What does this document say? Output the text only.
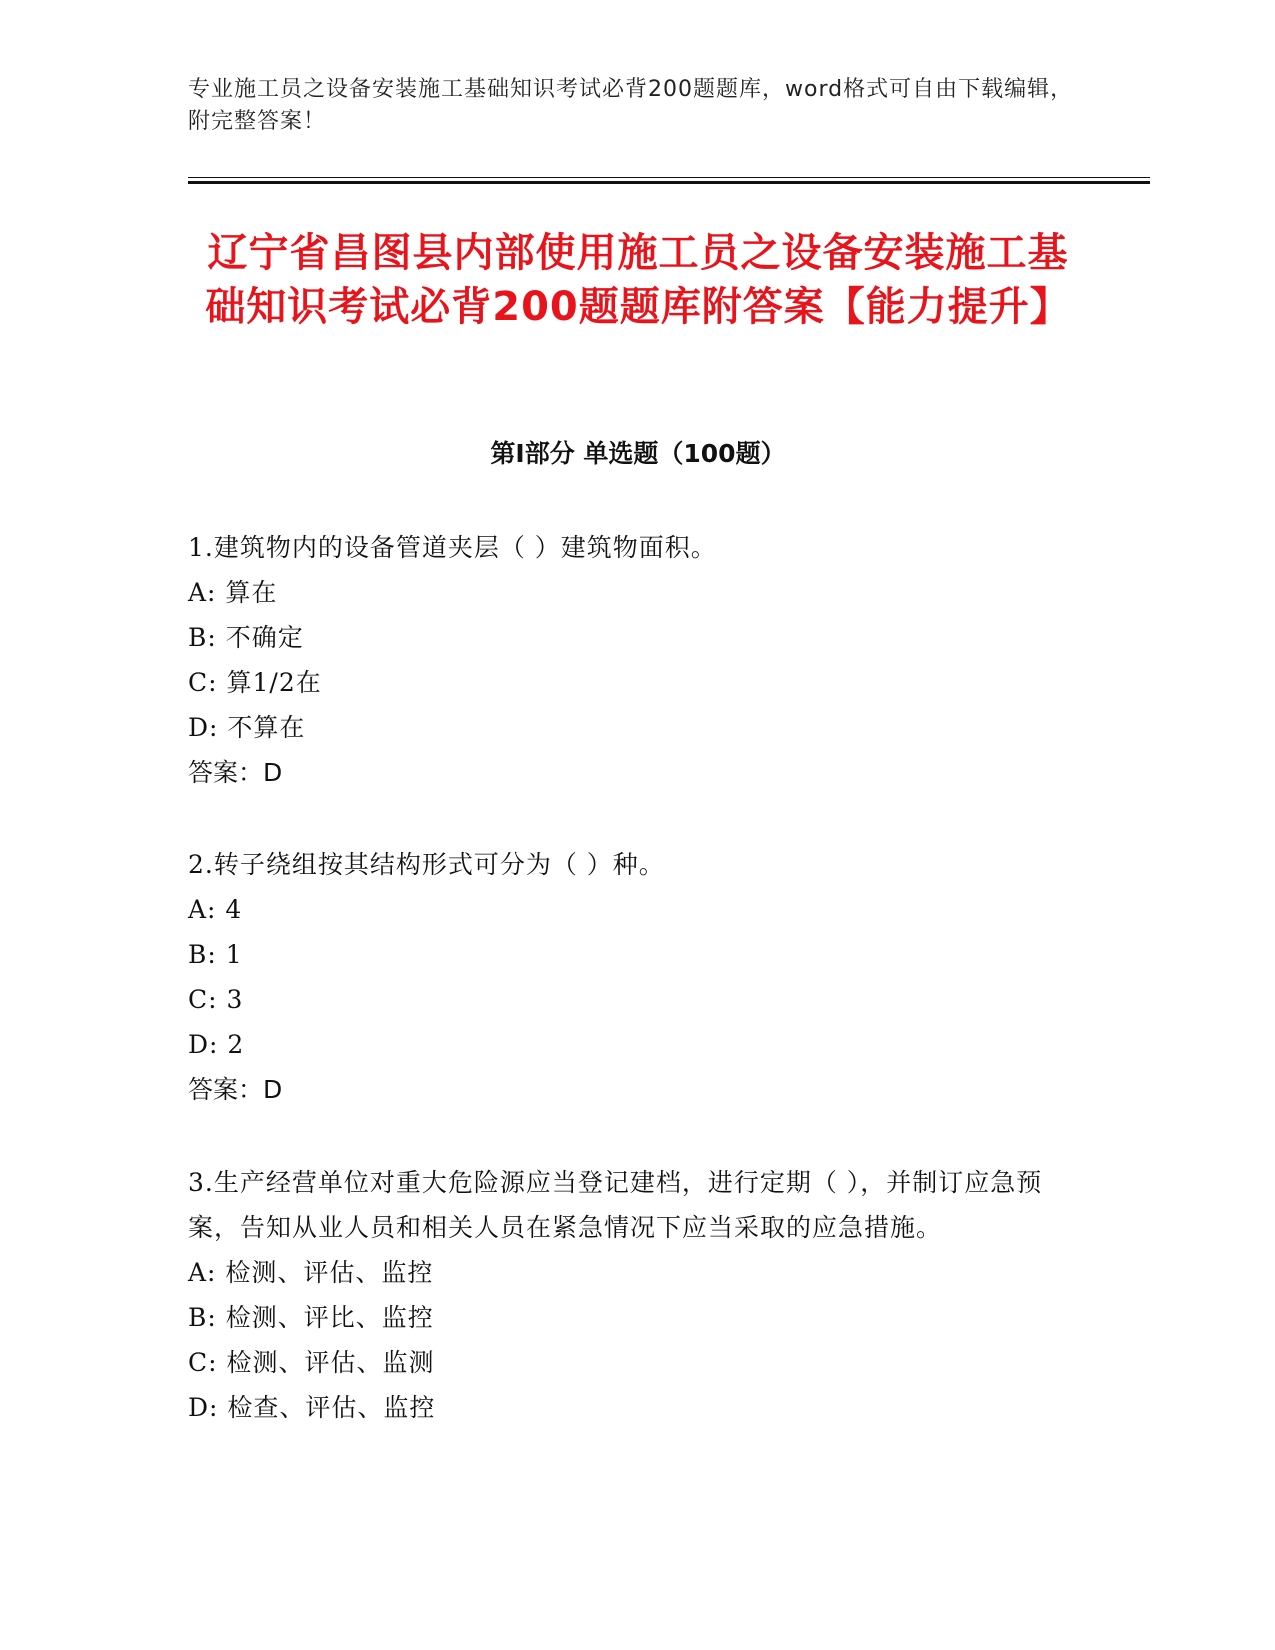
专业施工员之设备安装施工基础知识考试必背200题题库，word格式可自由下载编辑，附完整答案！
辽宁省昌图县内部使用施工员之设备安装施工基础知识考试必背200题题库附答案【能力提升】
第I部分 单选题（100题）

1.建筑物内的设备管道夹层（ ）建筑物面积。

A: 算在

B: 不确定

C: 算1/2在

D: 不算在

答案：D

2.转子绕组按其结构形式可分为（ ）种。

A: 4

B: 1

C: 3

D: 2

答案：D

3.生产经营单位对重大危险源应当登记建档，进行定期（ ），并制订应急预案，告知从业人员和相关人员在紧急情况下应当采取的应急措施。

A: 检测、评估、监控

B: 检测、评比、监控

C: 检测、评估、监测

D: 检查、评估、监控
